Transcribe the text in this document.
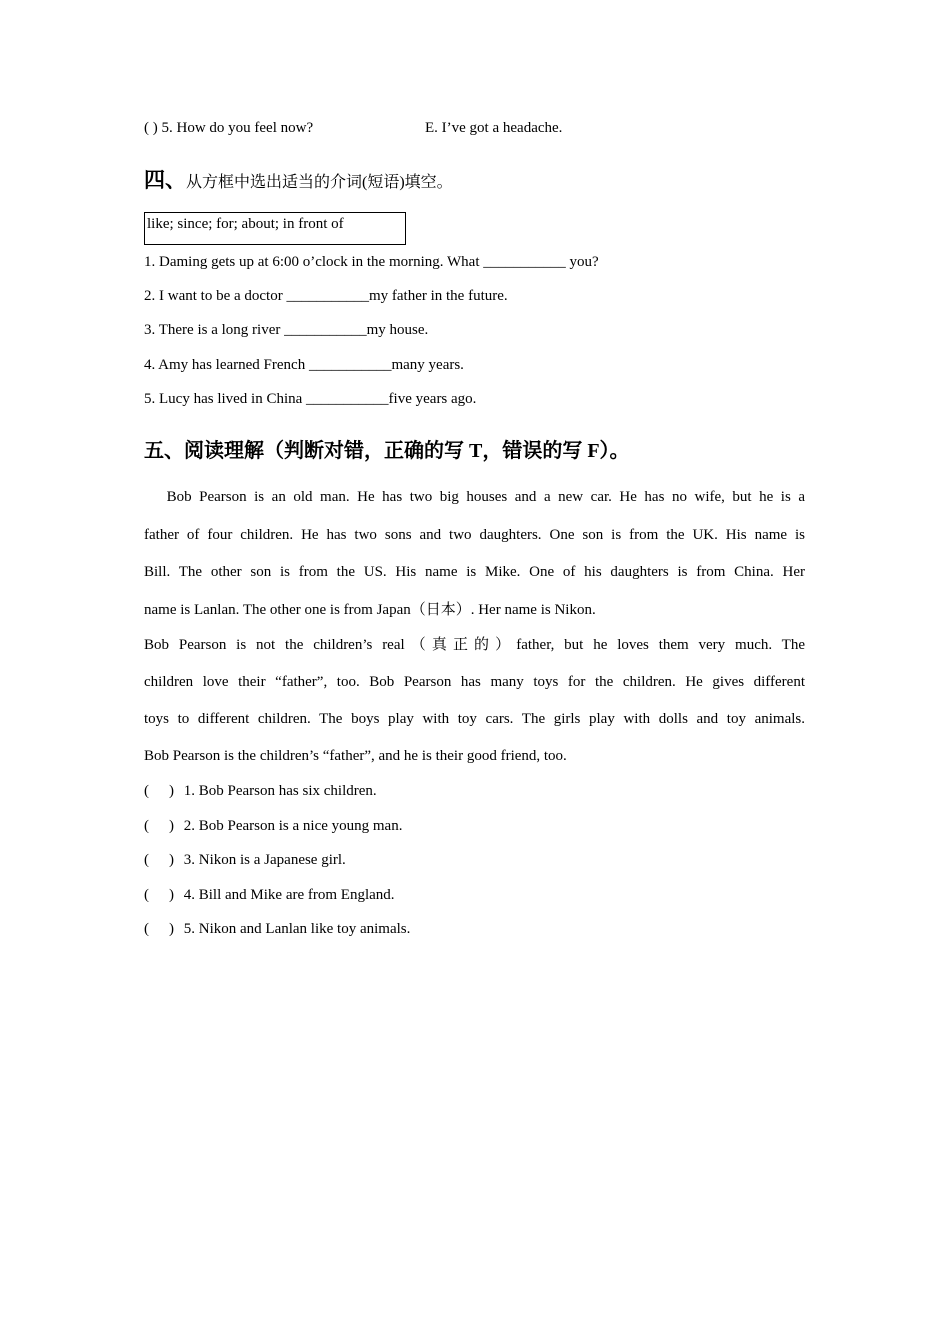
( ) 5. How do you feel now?	E. I’ve got a headache.
四、从方框中选出适当的介词(短语)填空。
like; since; for; about; in front of
1. Daming gets up at 6:00 o’clock in the morning. What ___________ you?
2. I want to be a doctor ___________my father in the future.
3. There is a long river ___________my house.
4. Amy has learned French ___________many years.
5. Lucy has lived in China ___________five years ago.
五、阅读理解（判断对错，正确的写 T，错误的写 F）。
Bob Pearson is an old man. He has two big houses and a new car. He has no wife, but he is a
father of four children. He has two sons and two daughters. One son is from the UK. His name is
Bill. The other son is from the US. His name is Mike. One of his daughters is from China. Her
name is Lanlan. The other one is from Japan（日本）. Her name is Nikon.
Bob Pearson is not the children’s real（真正的）father, but he loves them very much. The
children love their “father”, too. Bob Pearson has many toys for the children. He gives different
toys to different children. The boys play with toy cars. The girls play with dolls and toy animals.
Bob Pearson is the children’s “father”, and he is their good friend, too.
( ) 1. Bob Pearson has six children.
( ) 2. Bob Pearson is a nice young man.
( ) 3. Nikon is a Japanese girl.
( ) 4. Bill and Mike are from England.
( ) 5. Nikon and Lanlan like toy animals.
